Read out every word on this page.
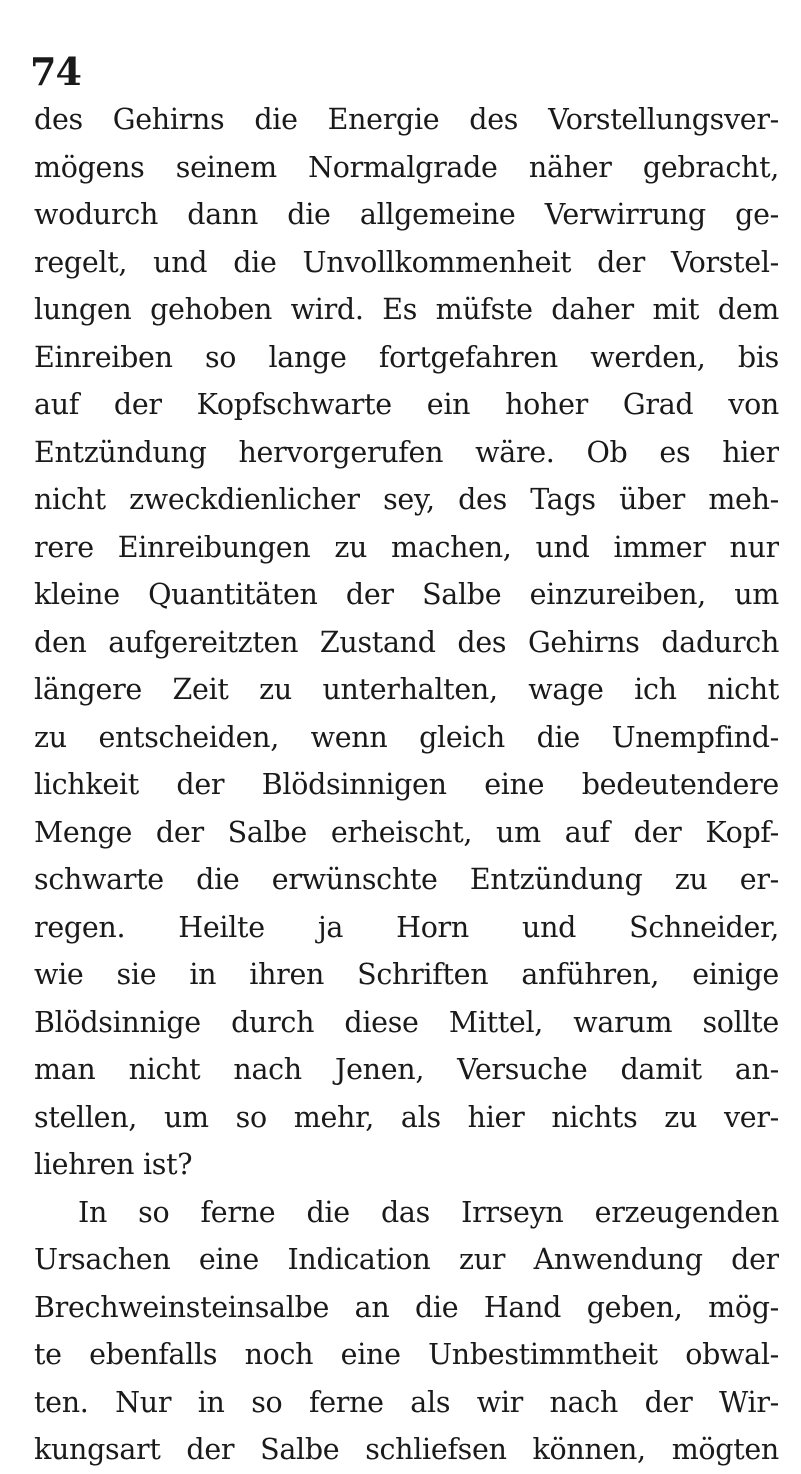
74
des Gehirns die Energie des Vorstellungsver-
mögens seinem Normalgrade näher gebracht,
wodurch dann die allgemeine Verwirrung ge-
regelt, und die Unvollkommenheit der Vorstel-
lungen gehoben wird. Es müfste daher mit dem
Einreiben so lange fortgefahren werden, bis
auf der Kopfschwarte ein hoher Grad von
Entzündung hervorgerufen wäre. Ob es hier
nicht zweckdienlicher sey, des Tags über meh-
rere Einreibungen zu machen, und immer nur
kleine Quantitäten der Salbe einzureiben, um
den aufgereitzten Zustand des Gehirns dadurch
längere Zeit zu unterhalten, wage ich nicht
zu entscheiden, wenn gleich die Unempfind-
lichkeit der Blödsinnigen eine bedeutendere
Menge der Salbe erheischt, um auf der Kopf-
schwarte die erwünschte Entzündung zu er-
regen. Heilte ja Horn und Schneider,
wie sie in ihren Schriften anführen, einige
Blödsinnige durch diese Mittel, warum sollte
man nicht nach Jenen, Versuche damit an-
stellen, um so mehr, als hier nichts zu ver-
liehren ist?
In so ferne die das Irrseyn erzeugenden
Ursachen eine Indication zur Anwendung der
Brechweinsteinsalbe an die Hand geben, mög-
te ebenfalls noch eine Unbestimmtheit obwal-
ten. Nur in so ferne als wir nach der Wir-
kungsart der Salbe schliefsen können, mögten
